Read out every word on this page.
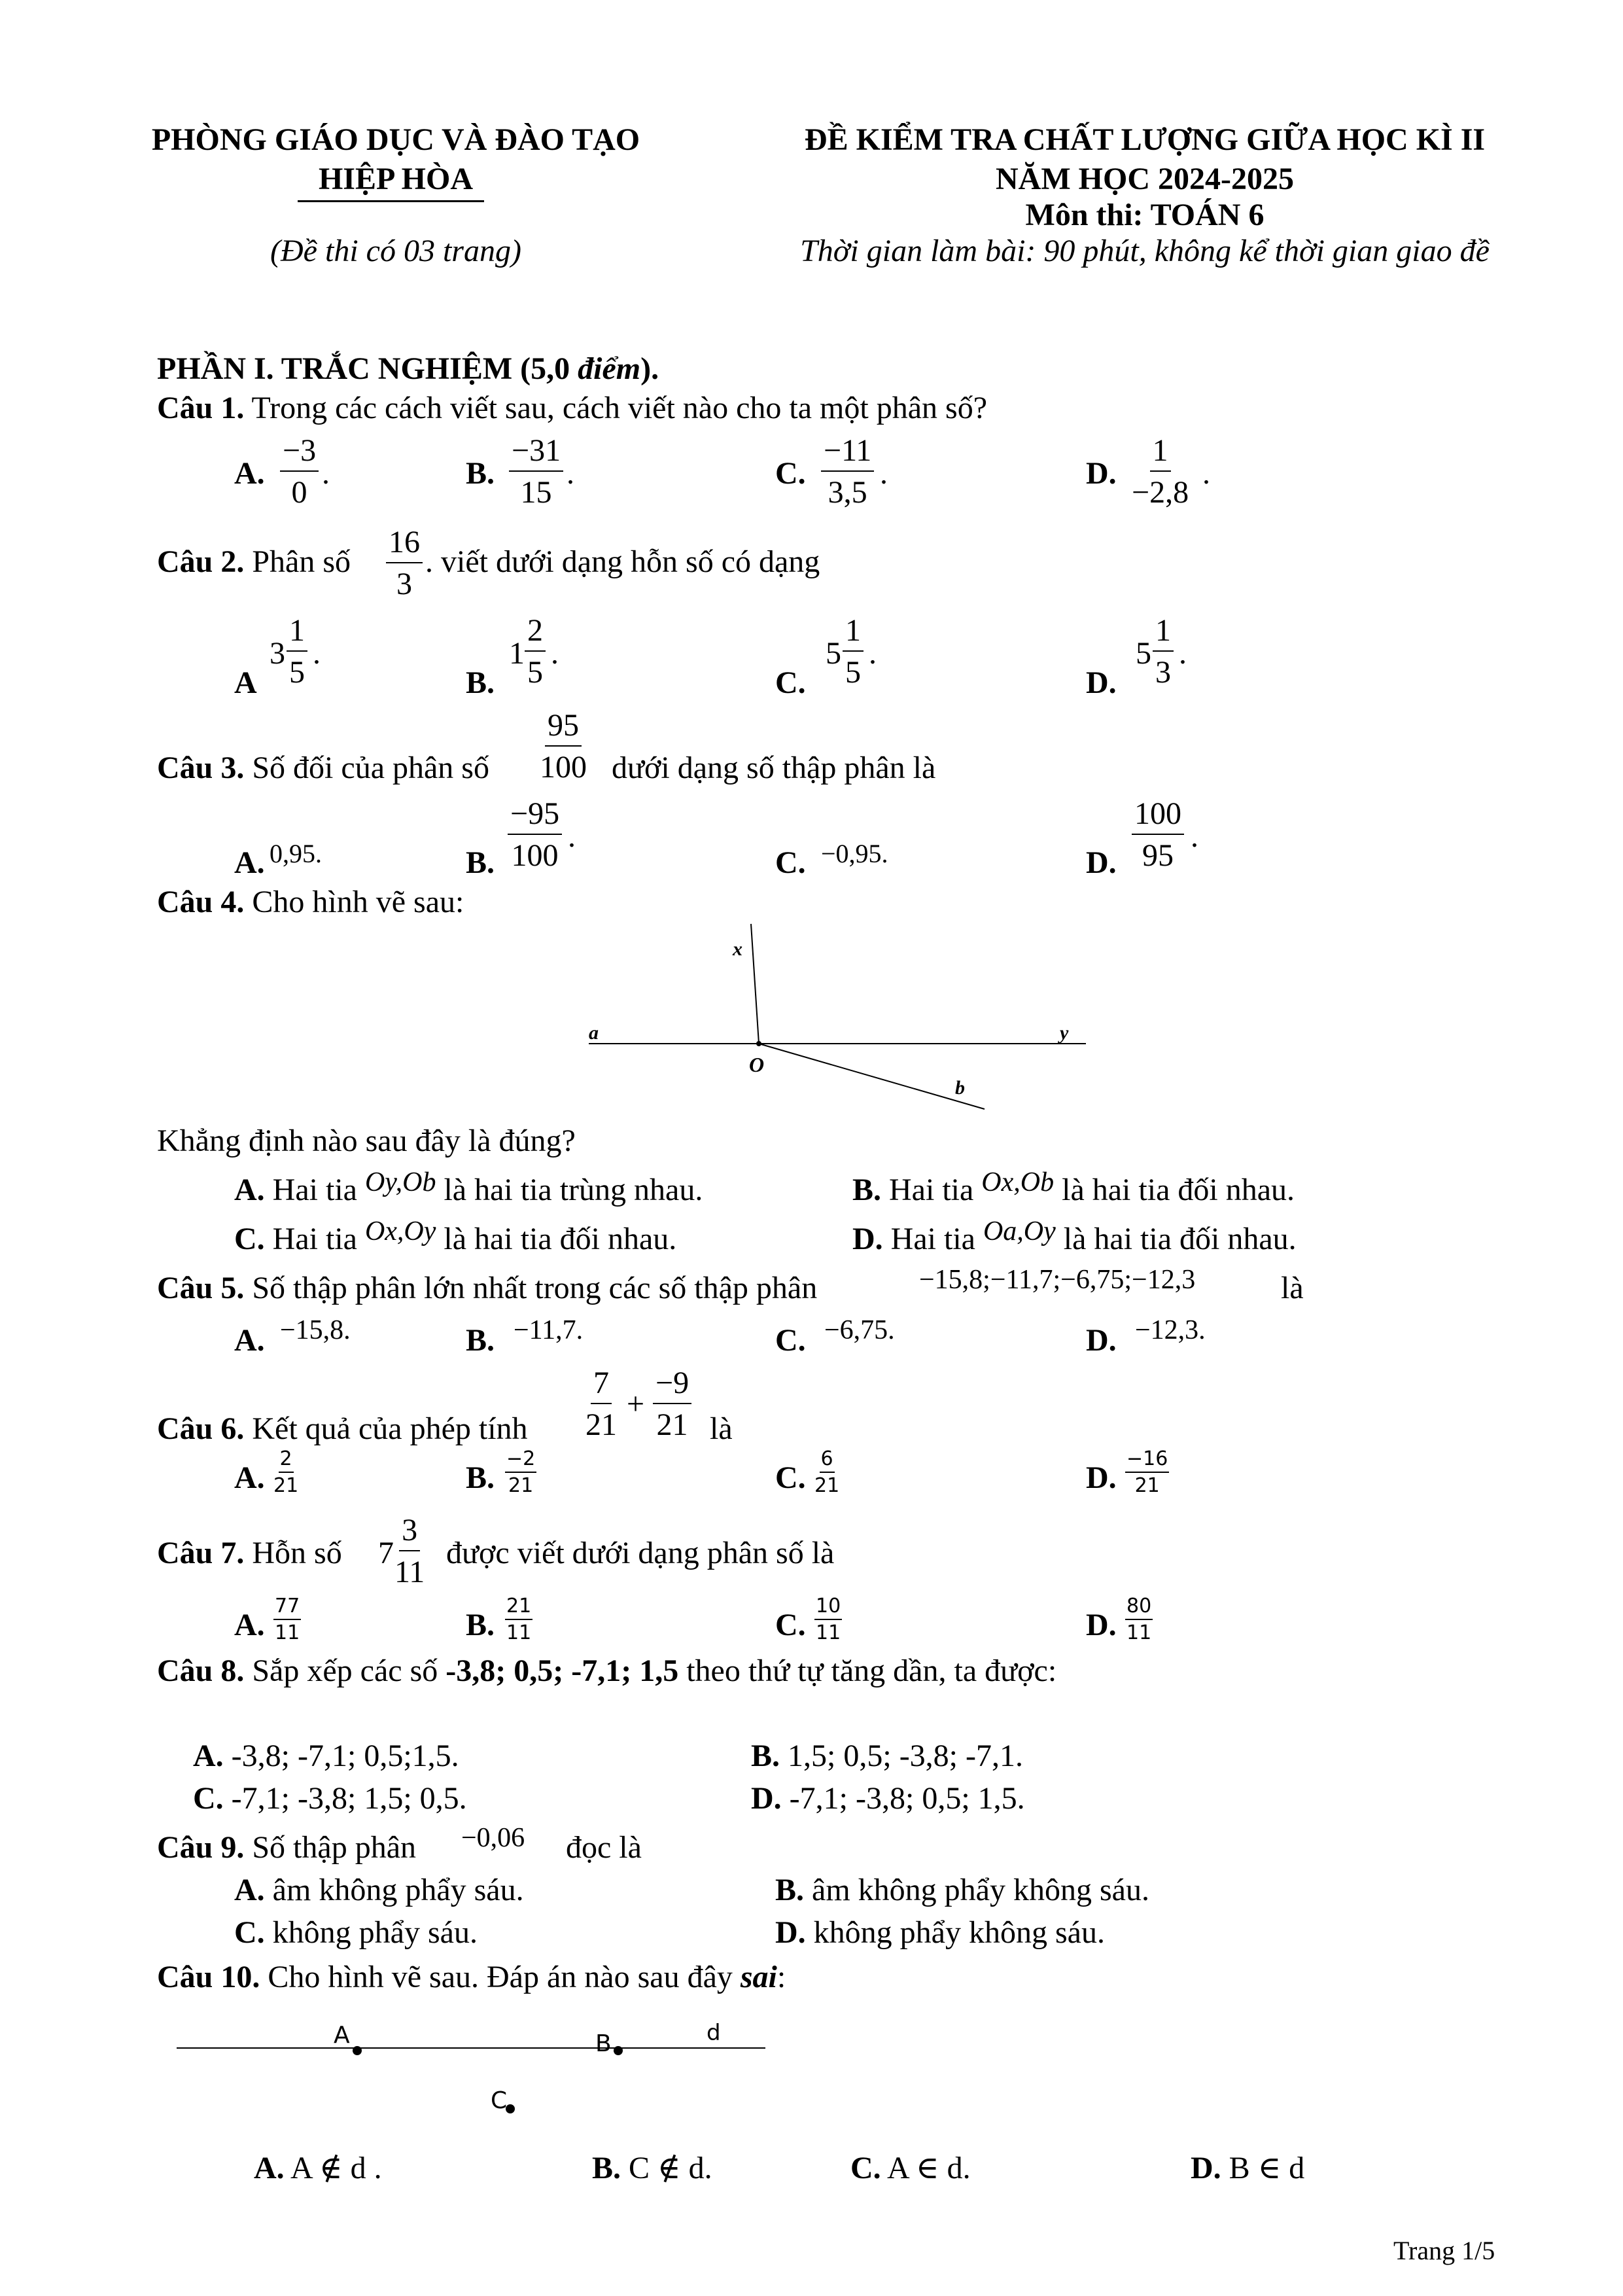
PHÒNG GIÁO DỤC VÀ ĐÀO TẠO
HIỆP HÒA
(Đề thi có 03 trang)
ĐỀ KIỂM TRA CHẤT LƯỢNG GIỮA HỌC KÌ II
NĂM HỌC 2024-2025
Môn thi: TOÁN 6
Thời gian làm bài: 90 phút, không kể thời gian giao đề
PHẦN I. TRẮC NGHIỆM (5,0 điểm).
Câu 1. Trong các cách viết sau, cách viết nào cho ta một phân số?
A. $\frac{-3}{0}$ .	B. $\frac{-31}{15}$ .	C. $\frac{-11}{3,5}$ .	D. $\frac{1}{-2,8}$ .
Câu 2. Phân số $\frac{16}{3}$ . viết dưới dạng hỗn số có dạng
A
$3 \frac{1}{5}$ .
B.
$1 \frac{2}{5}$ .
C.
$5 \frac{1}{5}$ .
D.
$5 \frac{1}{3}$ .
Câu 3. Số đối của phân số $\frac{95}{100}$ dưới dạng số thập phân là
A. 0,95.	B. $\frac{-95}{100}$ .
C. −0,95.	D. $\frac{100}{95}$ .
Câu 4. Cho hình vẽ sau:
x
a	y
O
b
Khẳng định nào sau đây là đúng?
A. Hai tia Oy,Ob là hai tia trùng nhau.	B. Hai tia Ox,Ob là hai tia đối nhau.
C. Hai tia Ox,Oy là hai tia đối nhau.	D. Hai tia Oa,Oy là hai tia đối nhau.
Câu 5. Số thập phân lớn nhất trong các số thập phân	−15,8;−11,7;−6,75;−12,3	là
A. −15,8.	B. −11,7.	C. −6,75.	D. −12,3.
Câu 6. Kết quả của phép tính $\frac{7}{21} + \frac{-9}{21}$ là
A. $\frac{2}{21}$	B. $\frac{-2}{21}$	C. $\frac{6}{21}$	D. $\frac{-16}{21}$
Câu 7. Hỗn số $7 \frac{3}{11}$ được viết dưới dạng phân số là
A. $\frac{77}{11}$	B. $\frac{21}{11}$	C. $\frac{10}{11}$	D. $\frac{80}{11}$
Câu 8. Sắp xếp các số -3,8; 0,5; -7,1; 1,5 theo thứ tự tăng dần, ta được:
A. -3,8; -7,1; 0,5;1,5.	B. 1,5; 0,5; -3,8; -7,1.
C. -7,1; -3,8; 1,5; 0,5.	D. -7,1; -3,8; 0,5; 1,5.
Câu 9. Số thập phân −0,06 đọc là
A. âm không phẩy sáu.	B. âm không phẩy không sáu.
C. không phẩy sáu.	D. không phẩy không sáu.
Câu 10. Cho hình vẽ sau. Đáp án nào sau đây sai:
A	B	d
C
A. A ∉ d .	B. C ∉ d.	C. A ∈ d.	D. B ∈ d
Trang 1/5
